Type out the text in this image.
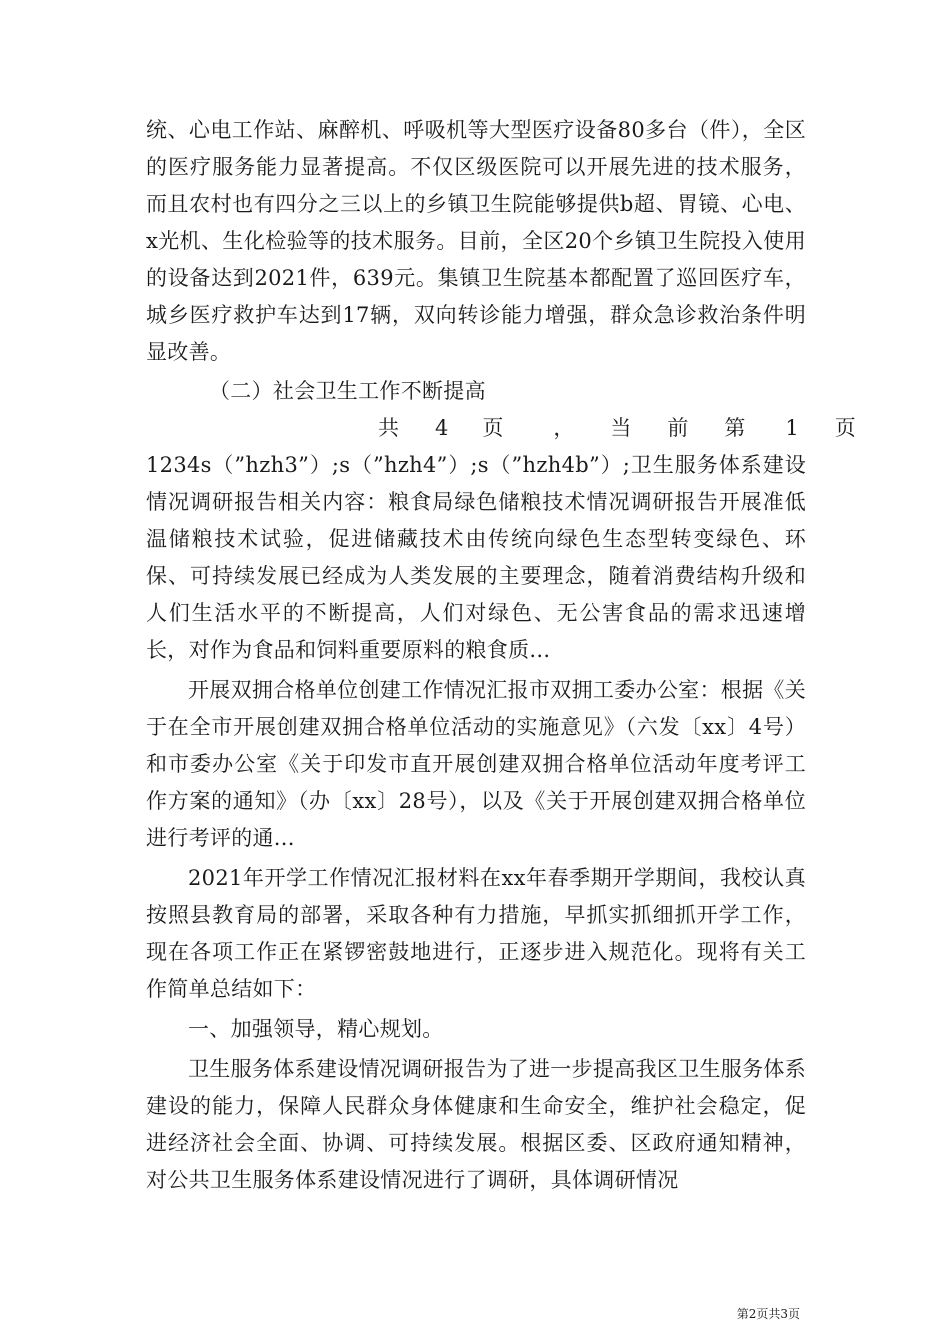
统、心电工作站、麻醉机、呼吸机等大型医疗设备80多台（件），全区的医疗服务能力显著提高。不仅区级医院可以开展先进的技术服务，而且农村也有四分之三以上的乡镇卫生院能够提供b超、胃镜、心电、x光机、生化检验等的技术服务。目前，全区20个乡镇卫生院投入使用的设备达到2021件，639元。集镇卫生院基本都配置了巡回医疗车，城乡医疗救护车达到17辆，双向转诊能力增强，群众急诊救治条件明显改善。

（二）社会卫生工作不断提高

共 4 页 ， 当 前 第 1 页

1234s（”hzh3”）;s（”hzh4”）;s（”hzh4b”）;卫生服务体系建设情况调研报告相关内容：粮食局绿色储粮技术情况调研报告开展准低温储粮技术试验，促进储藏技术由传统向绿色生态型转变绿色、环保、可持续发展已经成为人类发展的主要理念，随着消费结构升级和人们生活水平的不断提高，人们对绿色、无公害食品的需求迅速增长，对作为食品和饲料重要原料的粮食质...

开展双拥合格单位创建工作情况汇报市双拥工委办公室：根据《关于在全市开展创建双拥合格单位活动的实施意见》（六发〔xx〕4号）和市委办公室《关于印发市直开展创建双拥合格单位活动年度考评工作方案的通知》（办〔xx〕28号），以及《关于开展创建双拥合格单位进行考评的通...

2021年开学工作情况汇报材料在xx年春季期开学期间，我校认真按照县教育局的部署，采取各种有力措施，早抓实抓细抓开学工作，现在各项工作正在紧锣密鼓地进行，正逐步进入规范化。现将有关工作简单总结如下：

一、加强领导，精心规划。

卫生服务体系建设情况调研报告为了进一步提高我区卫生服务体系建设的能力，保障人民群众身体健康和生命安全，维护社会稳定，促进经济社会全面、协调、可持续发展。根据区委、区政府通知精神，对公共卫生服务体系建设情况进行了调研，具体调研情况

第2页共3页
